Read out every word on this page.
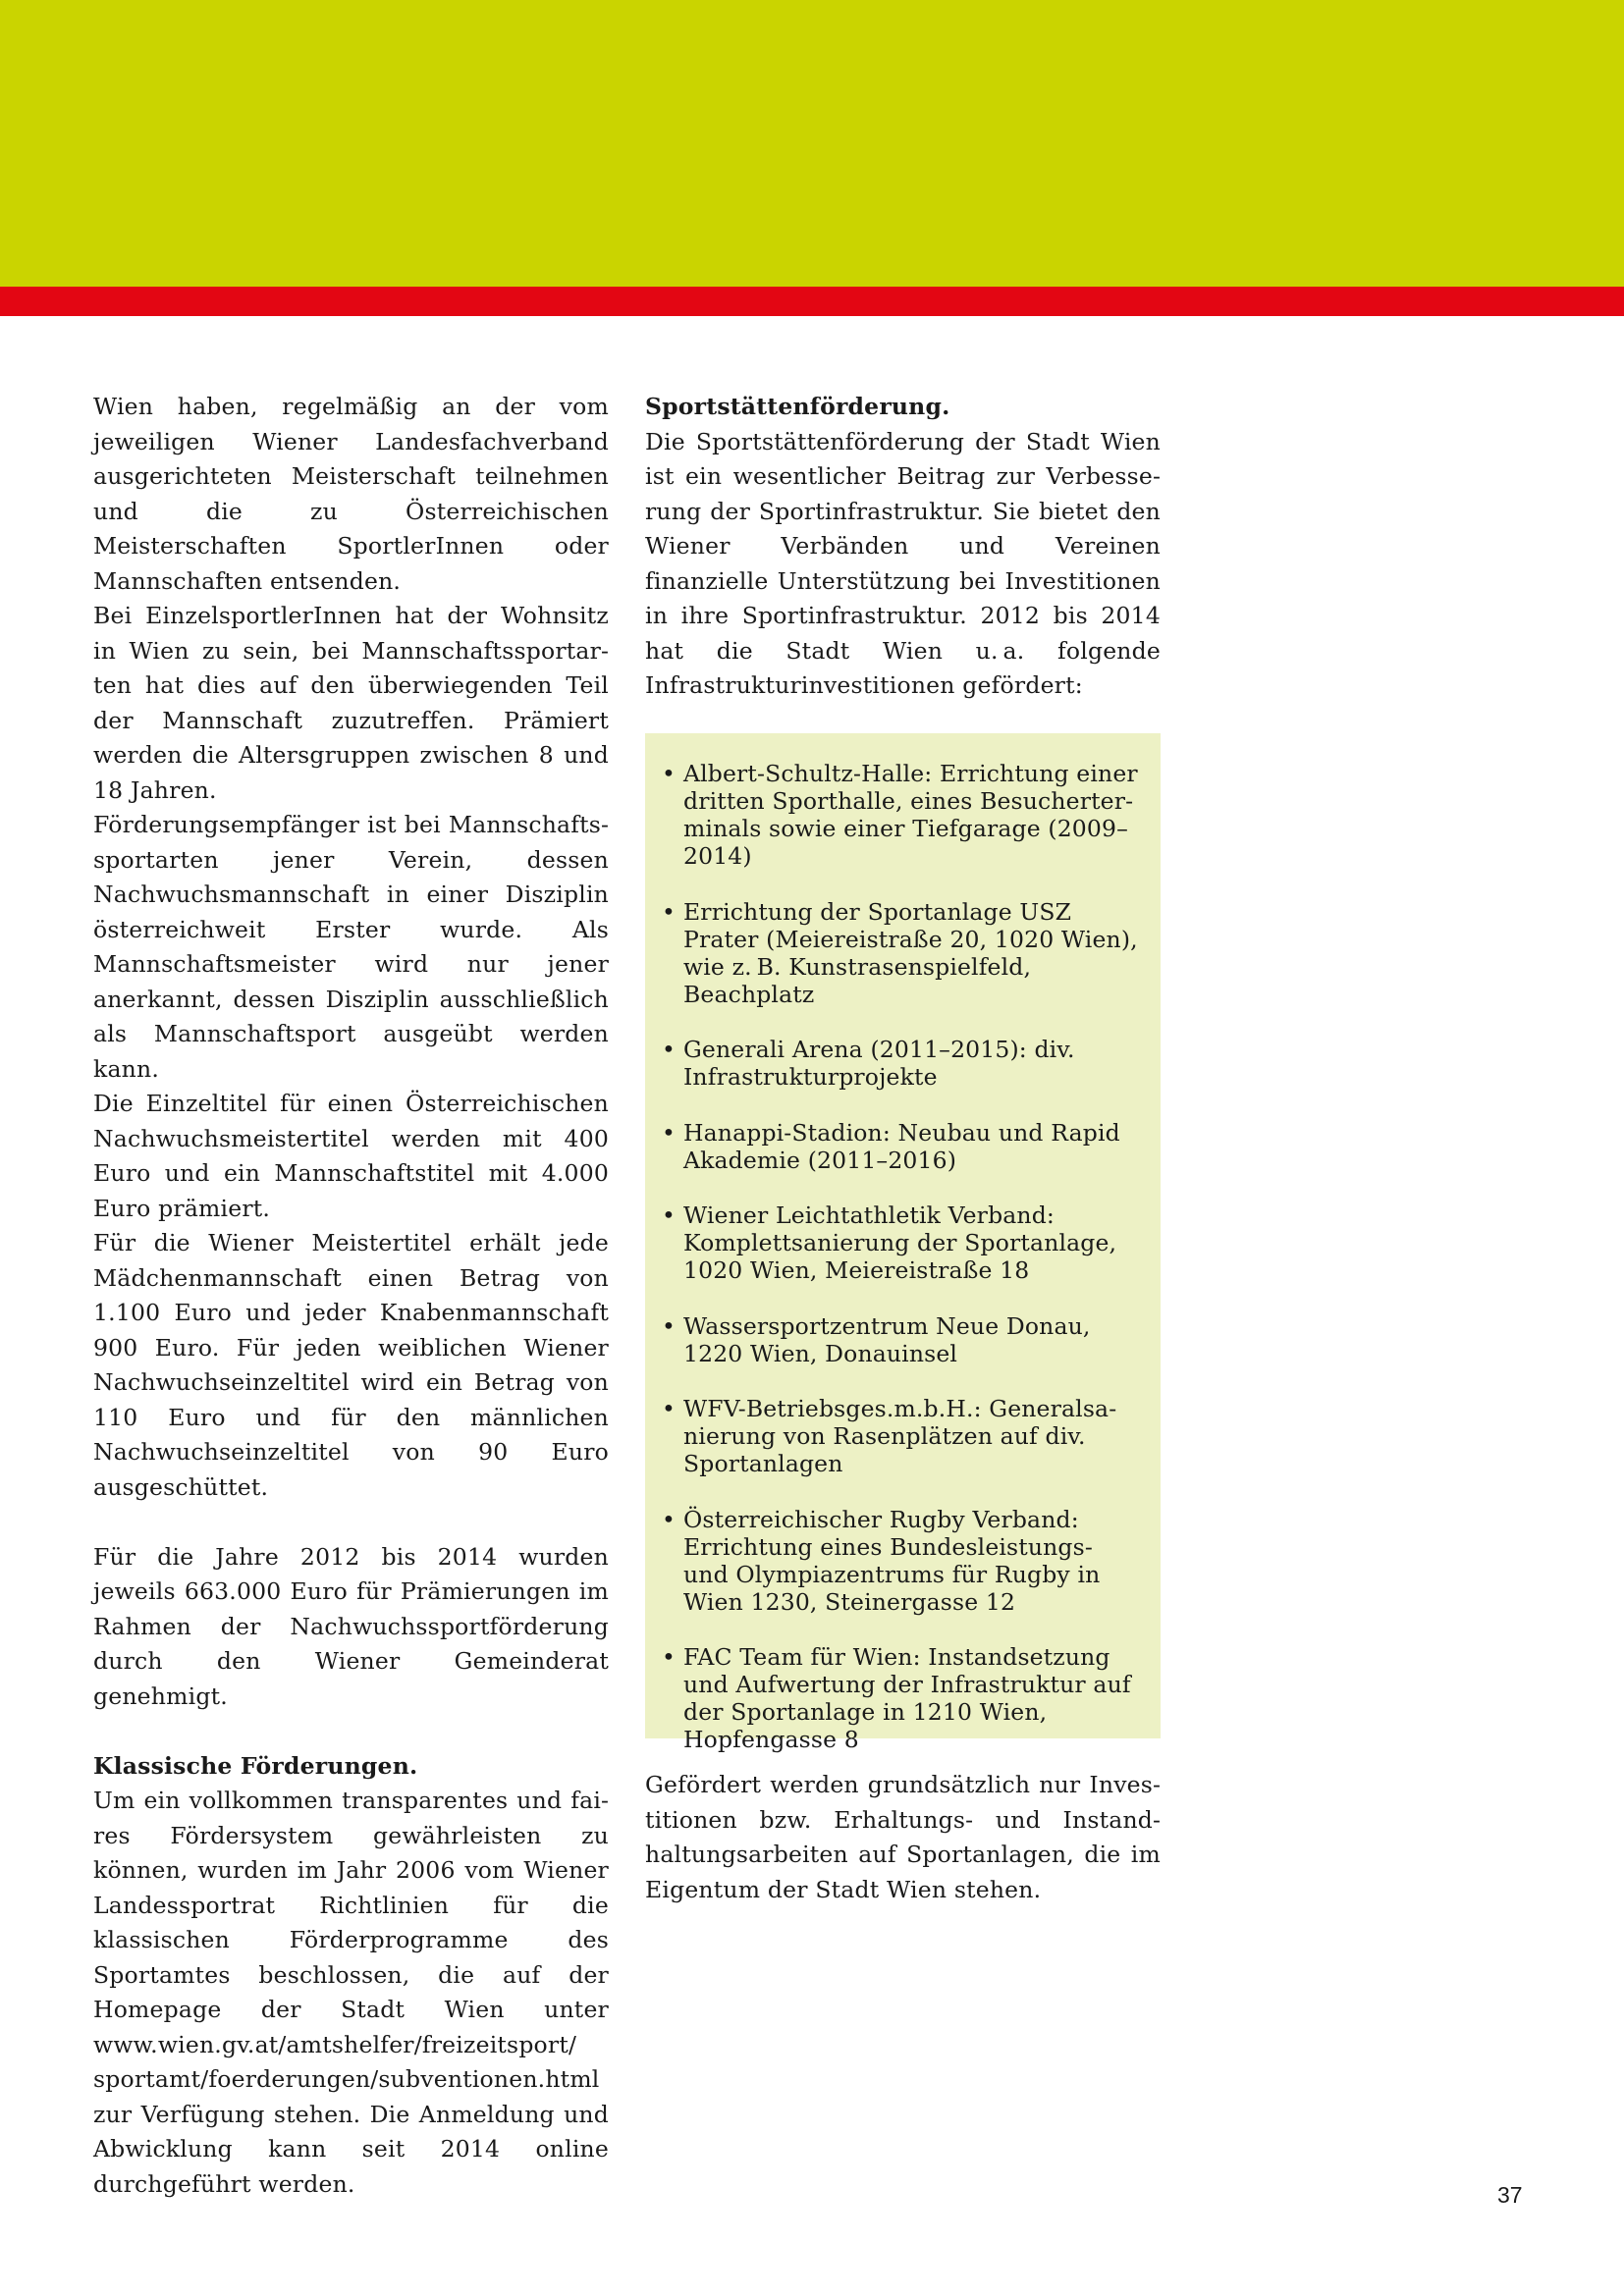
Wien haben, regelmäßig an der vom jeweiligen Wiener Landesfachverband ausgerichteten Meisterschaft teilnehmen und die zu Österreichischen Meisterschaften SportlerInnen oder Mannschaften entsenden.

Bei EinzelsportlerInnen hat der Wohnsitz in Wien zu sein, bei Mannschaftssportarten hat dies auf den überwiegenden Teil der Mannschaft zuzutreffen. Prämiert werden die Altersgruppen zwischen 8 und 18 Jahren.

Förderungsempfänger ist bei Mannschaftssportarten jener Verein, dessen Nachwuchsmannschaft in einer Disziplin österreichweit Erster wurde. Als Mannschaftsmeister wird nur jener anerkannt, dessen Disziplin ausschließlich als Mannschaftsport ausgeübt werden kann.

Die Einzeltitel für einen Österreichischen Nachwuchsmeistertitel werden mit 400 Euro und ein Mannschaftstitel mit 4.000 Euro prämiert.

Für die Wiener Meistertitel erhält jede Mädchenmannschaft einen Betrag von 1.100 Euro und jeder Knabenmannschaft 900 Euro. Für jeden weiblichen Wiener Nachwuchseinzeltitel wird ein Betrag von 110 Euro und für den männlichen Nachwuchseinzeltitel von 90 Euro ausgeschüttet.

Für die Jahre 2012 bis 2014 wurden jeweils 663.000 Euro für Prämierungen im Rahmen der Nachwuchssportförderung durch den Wiener Gemeinderat genehmigt.

Klassische Förderungen.

Um ein vollkommen transparentes und faires Fördersystem gewährleisten zu können, wurden im Jahr 2006 vom Wiener Landessportrat Richtlinien für die klassischen Förderprogramme des Sportamtes beschlossen, die auf der Homepage der Stadt Wien unter www.wien.gv.at/amtshelfer/​freizeitsport/​sportamt/​foerderungen/​subventionen.html zur Verfügung stehen. Die Anmeldung und Abwicklung kann seit 2014 online durchgeführt werden.

Sportstättenförderung.

Die Sportstättenförderung der Stadt Wien ist ein wesentlicher Beitrag zur Verbesserung der Sportinfrastruktur. Sie bietet den Wiener Verbänden und Vereinen finanzielle Unterstützung bei Investitionen in ihre Sportinfrastruktur. 2012 bis 2014 hat die Stadt Wien u. a. folgende Infrastrukturinvestitionen gefördert:

• Albert-Schultz-Halle: Errichtung einer dritten Sporthalle, eines Besucherterminals sowie einer Tiefgarage (2009–2014)
• Errichtung der Sportanlage USZ Prater (Meiereistraße 20, 1020 Wien), wie z. B. Kunstrasenspielfeld, Beachplatz
• Generali Arena (2011–2015): div. Infrastrukturprojekte
• Hanappi-Stadion: Neubau und Rapid Akademie (2011–2016)
• Wiener Leichtathletik Verband: Komplettsanierung der Sportanlage, 1020 Wien, Meiereistraße 18
• Wassersportzentrum Neue Donau, 1220 Wien, Donauinsel
• WFV-Betriebsges.m.b.H.: Generalsanierung von Rasenplätzen auf div. Sportanlagen
• Österreichischer Rugby Verband: Errichtung eines Bundesleistungs- und Olympiazentrums für Rugby in Wien 1230, Steinergasse 12
• FAC Team für Wien: Instandsetzung und Aufwertung der Infrastruktur auf der Sportanlage in 1210 Wien, Hopfengasse 8

Gefördert werden grundsätzlich nur Investitionen bzw. Erhaltungs- und Instandhaltungsarbeiten auf Sportanlagen, die im Eigentum der Stadt Wien stehen.

37
